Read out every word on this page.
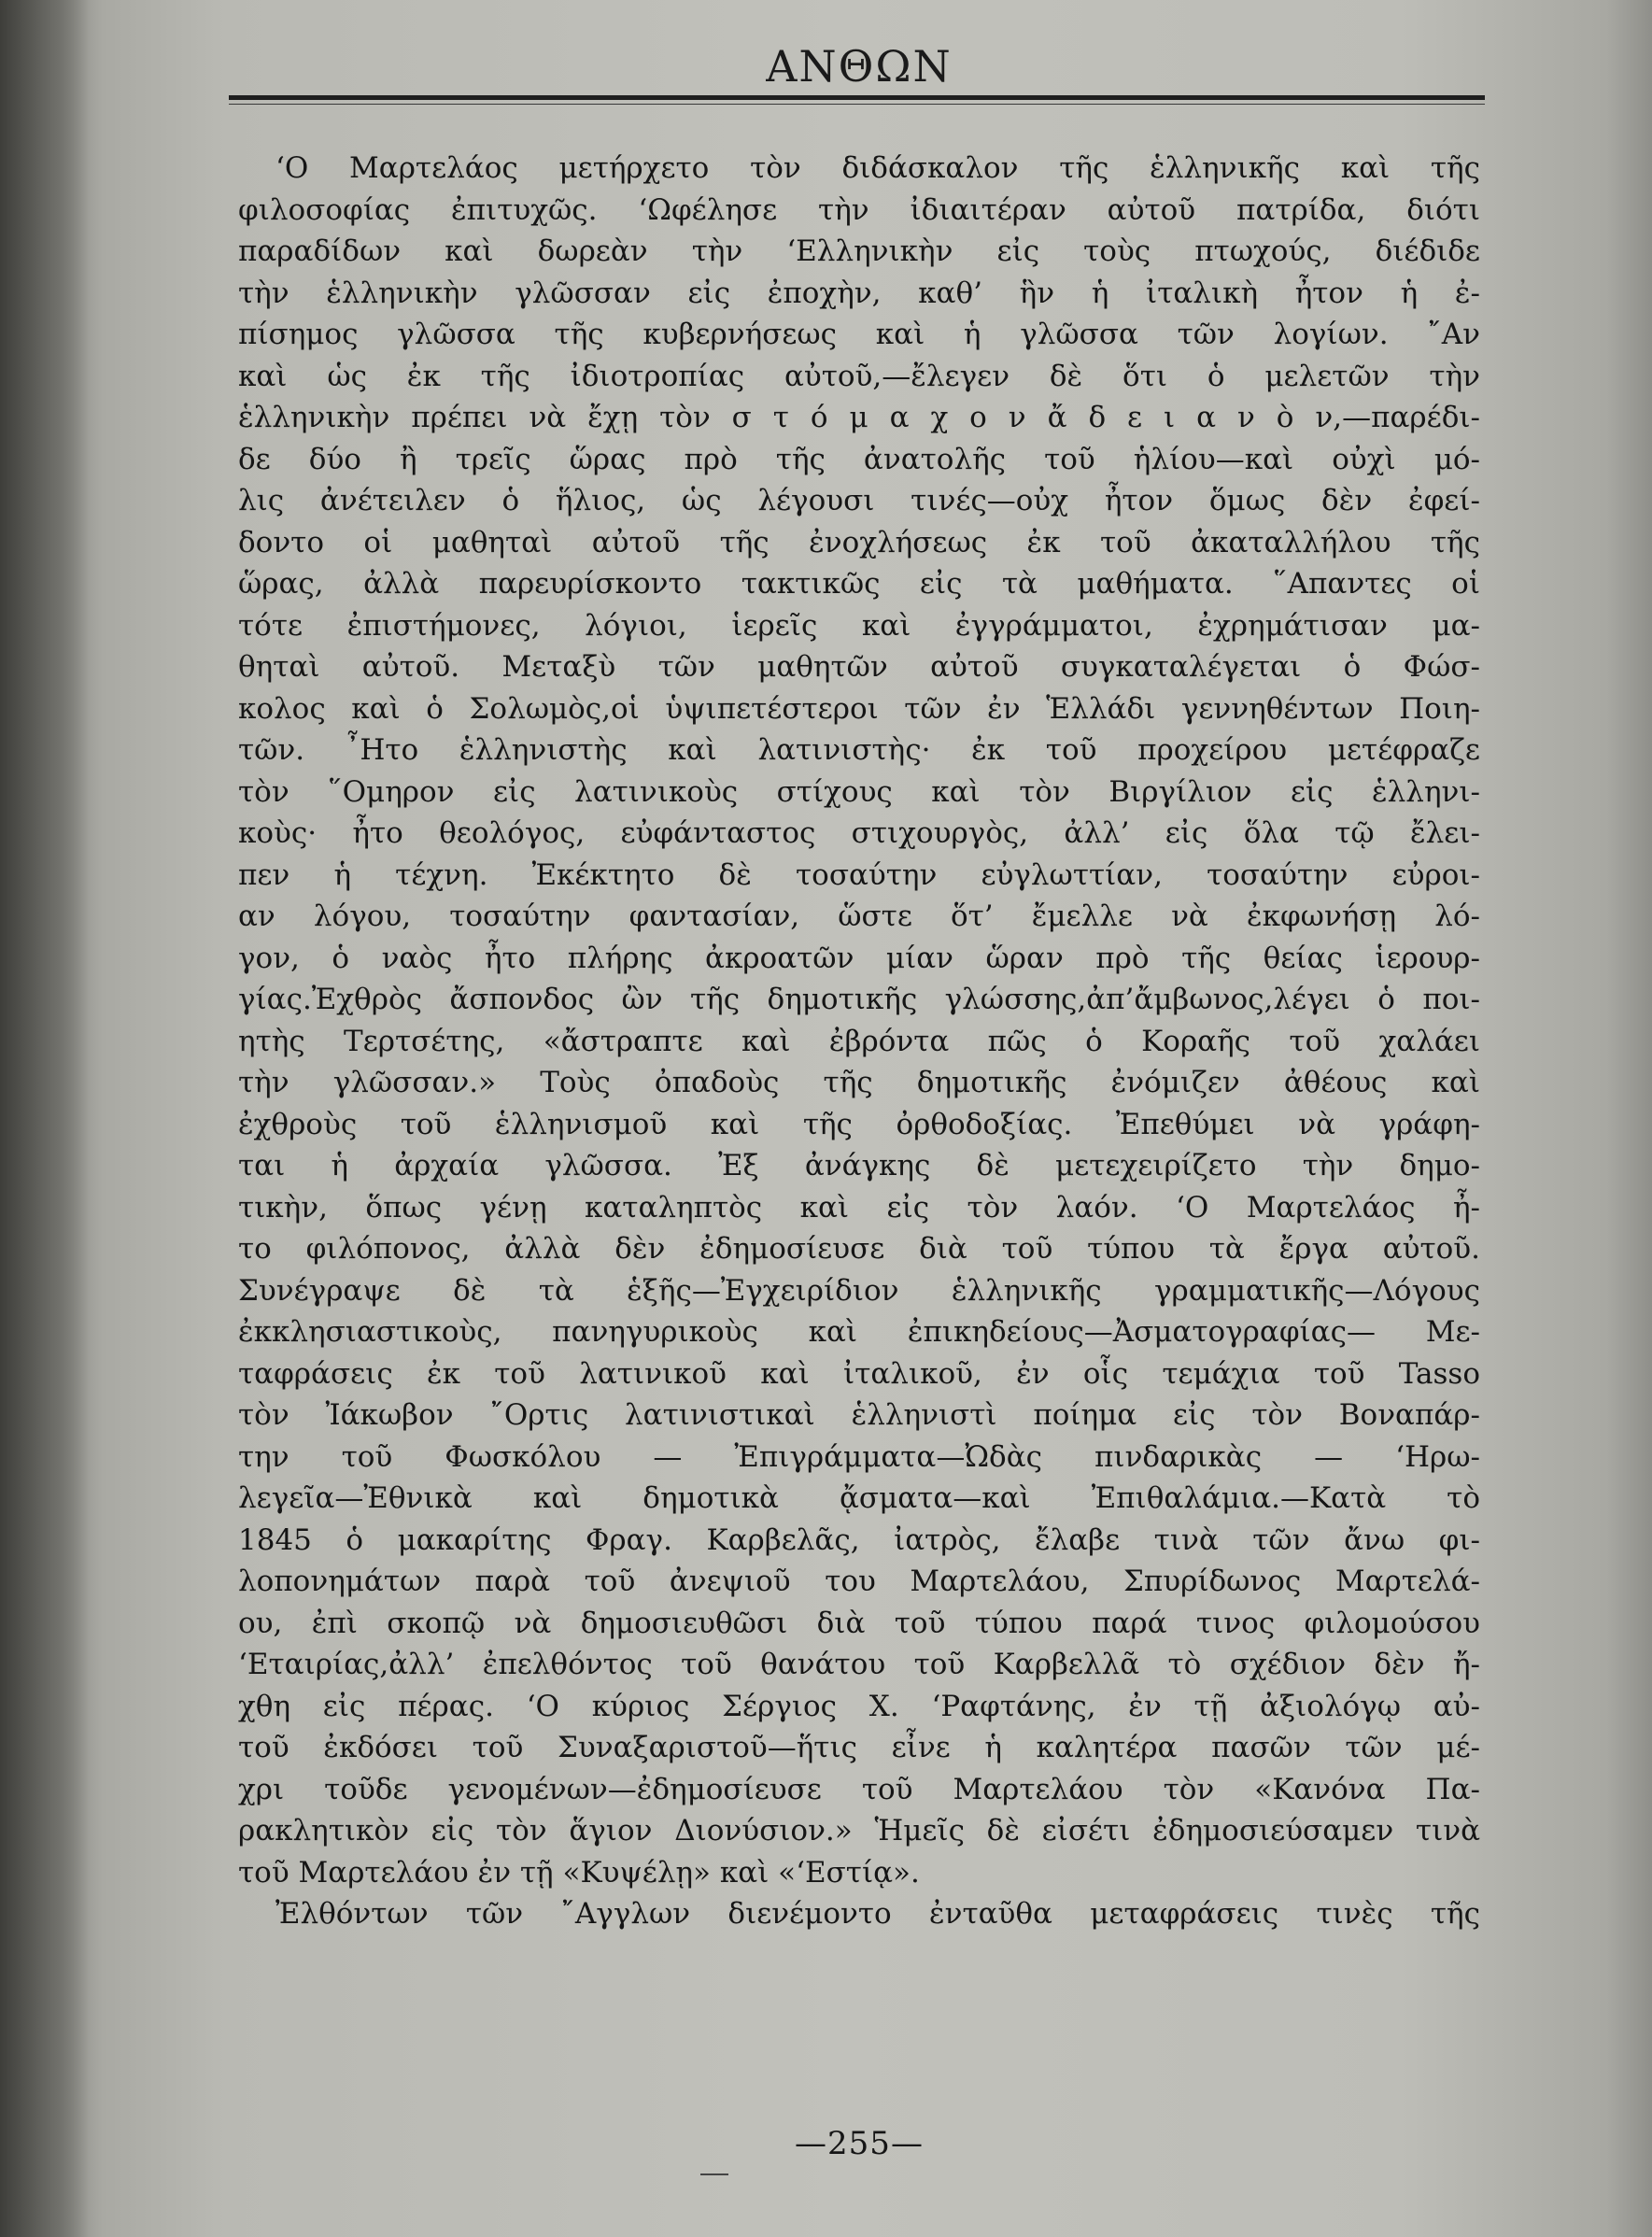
ΑΝΘΩΝ
‘Ο Μαρτελάος μετήρχετο τὸν διδάσκαλον τῆς ἑλληνικῆς καὶ τῆς
φιλοσοφίας ἐπιτυχῶς. ‘Ωφέλησε τὴν ἰδιαιτέραν αὐτοῦ πατρίδα, διότι
παραδίδων καὶ δωρεὰν τὴν ‘Ελληνικὴν εἰς τοὺς πτωχούς, διέδιδε
τὴν ἑλληνικὴν γλῶσσαν εἰς ἐποχὴν, καθ’ ἣν ἡ ἰταλικὴ ἦτον ἡ ἐ-
πίσημος γλῶσσα τῆς κυβερνήσεως καὶ ἡ γλῶσσα τῶν λογίων. ῎Αν
καὶ ὡς ἐκ τῆς ἰδιοτροπίας αὐτοῦ,—ἔλεγεν δὲ ὅτι ὁ μελετῶν τὴν
ἑλληνικὴν πρέπει νὰ ἔχῃ τὸν σ τ ό μ α χ ο ν ἄ δ ε ι α ν ὸ ν,—παρέδι-
δε δύο ἢ τρεῖς ὥρας πρὸ τῆς ἀνατολῆς τοῦ ἡλίου—καὶ οὐχὶ μό-
λις ἀνέτειλεν ὁ ἥλιος, ὡς λέγουσι τινές—οὐχ ἦτον ὅμως δὲν ἐφεί-
δοντο οἱ μαθηταὶ αὐτοῦ τῆς ἐνοχλήσεως ἐκ τοῦ ἀκαταλλήλου τῆς
ὥρας, ἀλλὰ παρευρίσκοντο τακτικῶς εἰς τὰ μαθήματα. ῞Απαντες οἱ
τότε ἐπιστήμονες, λόγιοι, ἱερεῖς καὶ ἐγγράμματοι, ἐχρημάτισαν μα-
θηταὶ αὐτοῦ. Μεταξὺ τῶν μαθητῶν αὐτοῦ συγκαταλέγεται ὁ Φώσ-
κολος καὶ ὁ Σολωμὸς,οἱ ὑψιπετέστεροι τῶν ἐν Ἑλλάδι γεννηθέντων Ποιη-
τῶν. ῏Ητο ἑλληνιστὴς καὶ λατινιστὴς· ἐκ τοῦ προχείρου μετέφραζε
τὸν ῞Ομηρον εἰς λατινικοὺς στίχους καὶ τὸν Βιργίλιον εἰς ἑλληνι-
κοὺς· ἦτο θεολόγος, εὐφάνταστος στιχουργὸς, ἀλλ’ εἰς ὅλα τῷ ἔλει-
πεν ἡ τέχνη. Ἐκέκτητο δὲ τοσαύτην εὐγλωττίαν, τοσαύτην εὐροι-
αν λόγου, τοσαύτην φαντασίαν, ὥστε ὅτ’ ἔμελλε νὰ ἐκφωνήσῃ λό-
γον, ὁ ναὸς ἦτο πλήρης ἀκροατῶν μίαν ὥραν πρὸ τῆς θείας ἱερουρ-
γίας.Ἐχθρὸς ἄσπονδος ὢν τῆς δημοτικῆς γλώσσης,ἀπ’ἄμβωνος,λέγει ὁ ποι-
ητὴς Τερτσέτης, «ἄστραπτε καὶ ἐβρόντα πῶς ὁ Κοραῆς τοῦ χαλάει
τὴν γλῶσσαν.» Τοὺς ὀπαδοὺς τῆς δημοτικῆς ἐνόμιζεν ἀθέους καὶ
ἐχθροὺς τοῦ ἑλληνισμοῦ καὶ τῆς ὀρθοδοξίας. Ἐπεθύμει νὰ γράφη-
ται ἡ ἀρχαία γλῶσσα. Ἐξ ἀνάγκης δὲ μετεχειρίζετο τὴν δημο-
τικὴν, ὅπως γένῃ καταληπτὸς καὶ εἰς τὸν λαόν. ‘Ο Μαρτελάος ἦ-
το φιλόπονος, ἀλλὰ δὲν ἐδημοσίευσε διὰ τοῦ τύπου τὰ ἔργα αὐτοῦ.
Συνέγραψε δὲ τὰ ἑξῆς—Ἐγχειρίδιον ἑλληνικῆς γραμματικῆς—Λόγους
ἐκκλησιαστικοὺς, πανηγυρικοὺς καὶ ἐπικηδείους—Ἀσματογραφίας— Με-
ταφράσεις ἐκ τοῦ λατινικοῦ καὶ ἰταλικοῦ, ἐν οἷς τεμάχια τοῦ Tasso
τὸν Ἰάκωβον ῎Ορτις λατινιστικαὶ ἑλληνιστὶ ποίημα εἰς τὸν Βοναπάρ-
την τοῦ Φωσκόλου — Ἐπιγράμματα—Ὠδὰς πινδαρικὰς — ‘Ηρω-
λεγεῖα—Ἐθνικὰ καὶ δημοτικὰ ᾄσματα—καὶ Ἐπιθαλάμια.—Κατὰ τὸ
1845 ὁ μακαρίτης Φραγ. Καρβελᾶς, ἰατρὸς, ἔλαβε τινὰ τῶν ἄνω φι-
λοπονημάτων παρὰ τοῦ ἀνεψιοῦ του Μαρτελάου, Σπυρίδωνος Μαρτελά-
ου, ἐπὶ σκοπῷ νὰ δημοσιευθῶσι διὰ τοῦ τύπου παρά τινος φιλομούσου
‘Εταιρίας,ἀλλ’ ἐπελθόντος τοῦ θανάτου τοῦ Καρβελλᾶ τὸ σχέδιον δὲν ἤ-
χθη εἰς πέρας. ‘Ο κύριος Σέργιος Χ. ‘Ραφτάνης, ἐν τῇ ἀξιολόγῳ αὐ-
τοῦ ἐκδόσει τοῦ Συναξαριστοῦ—ἥτις εἶνε ἡ καλητέρα πασῶν τῶν μέ-
χρι τοῦδε γενομένων—ἐδημοσίευσε τοῦ Μαρτελάου τὸν «Κανόνα Πα-
ρακλητικὸν εἰς τὸν ἅγιον Διονύσιον.» Ἡμεῖς δὲ εἰσέτι ἐδημοσιεύσαμεν τινὰ
τοῦ Μαρτελάου ἐν τῇ «Κυψέλῃ» καὶ «‘Εστίᾳ».
Ἐλθόντων τῶν ῎Αγγλων διενέμοντο ἐνταῦθα μεταφράσεις τινὲς τῆς
—255—
